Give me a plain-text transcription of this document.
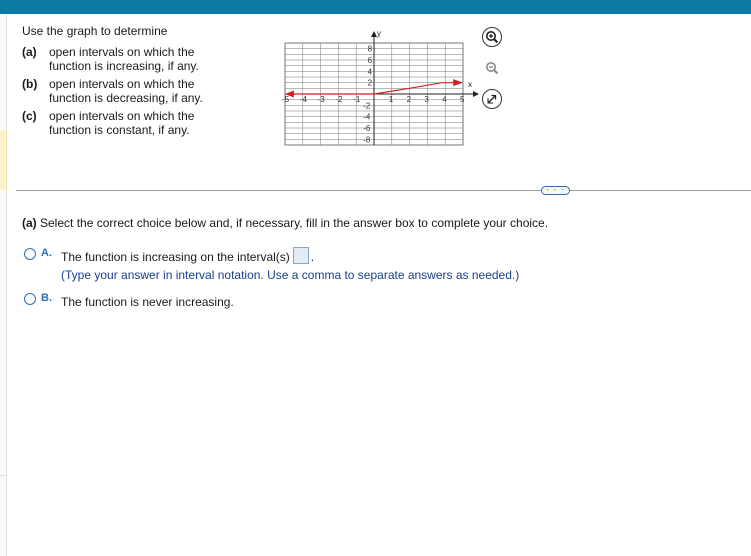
Use the graph to determine
(a)	open intervals on which the function is increasing, if any.
(b) open intervals on which the function is decreasing, if any.
(c)	open intervals on which the function is constant, if any.
-5 -4 -3 -2 -1	1 2 3 4 5
8
6
4
2
-2
-4
-6
-8
x
y
· · ·
(a) Select the correct choice below and, if necessary, fill in the answer box to complete your choice.
A. The function is increasing on the interval(s) .
(Type your answer in interval notation. Use a comma to separate answers as needed.)
B. The function is never increasing.
